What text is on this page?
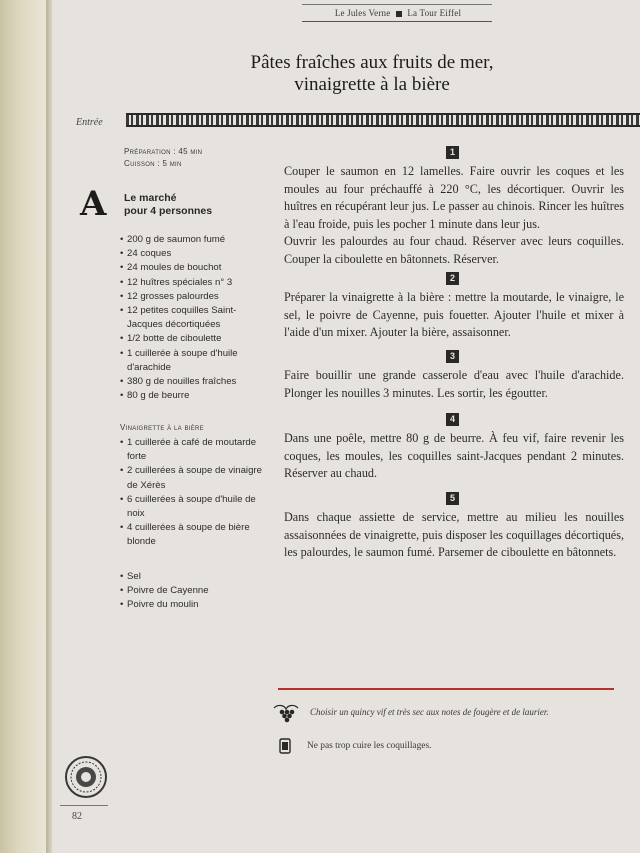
Le Jules Verne La Tour Eiffel
Pâtes fraîches aux fruits de mer,
vinaigrette à la bière
Entrée
Préparation : 45 min
Cuisson : 5 min
A Le marché
pour 4 personnes
• 200 g de saumon fumé
• 24 coques
• 24 moules de bouchot
• 12 huîtres spéciales n° 3
• 12 grosses palourdes
• 12 petites coquilles Saint-Jacques décortiquées
• 1/2 botte de ciboulette
• 1 cuillerée à soupe d'huile d'arachide
• 380 g de nouilles fraîches
• 80 g de beurre
Vinaigrette à la bière
• 1 cuillerée à café de moutarde forte
• 2 cuillerées à soupe de vinaigre de Xérès
• 6 cuillerées à soupe d'huile de noix
• 4 cuillerées à soupe de bière blonde
• Sel
• Poivre de Cayenne
• Poivre du moulin
1

Couper le saumon en 12 lamelles. Faire ouvrir les coques et les moules au four préchauffé à 220 °C, les décortiquer. Ouvrir les huîtres en récupérant leur jus. Le passer au chinois. Rincer les huîtres à l'eau froide, puis les pocher 1 minute dans leur jus.

Ouvrir les palourdes au four chaud. Réserver avec leurs coquilles. Couper la ciboulette en bâtonnets. Réserver.

2

Préparer la vinaigrette à la bière : mettre la moutarde, le vinaigre, le sel, le poivre de Cayenne, puis fouetter. Ajouter l'huile et mixer à l'aide d'un mixer. Ajouter la bière, assaisonner.

3

Faire bouillir une grande casserole d'eau avec l'huile d'arachide. Plonger les nouilles 3 minutes. Les sortir, les égoutter.

4

Dans une poêle, mettre 80 g de beurre. À feu vif, faire revenir les coques, les moules, les coquilles saint-Jacques pendant 2 minutes. Réserver au chaud.

5

Dans chaque assiette de service, mettre au milieu les nouilles assaisonnées de vinaigrette, puis disposer les coquillages décortiqués, les palourdes, le saumon fumé. Parsemer de ciboulette en bâtonnets.

Choisir un quincy vif et très sec aux notes de fougère et de laurier.
Ne pas trop cuire les coquillages.
82
